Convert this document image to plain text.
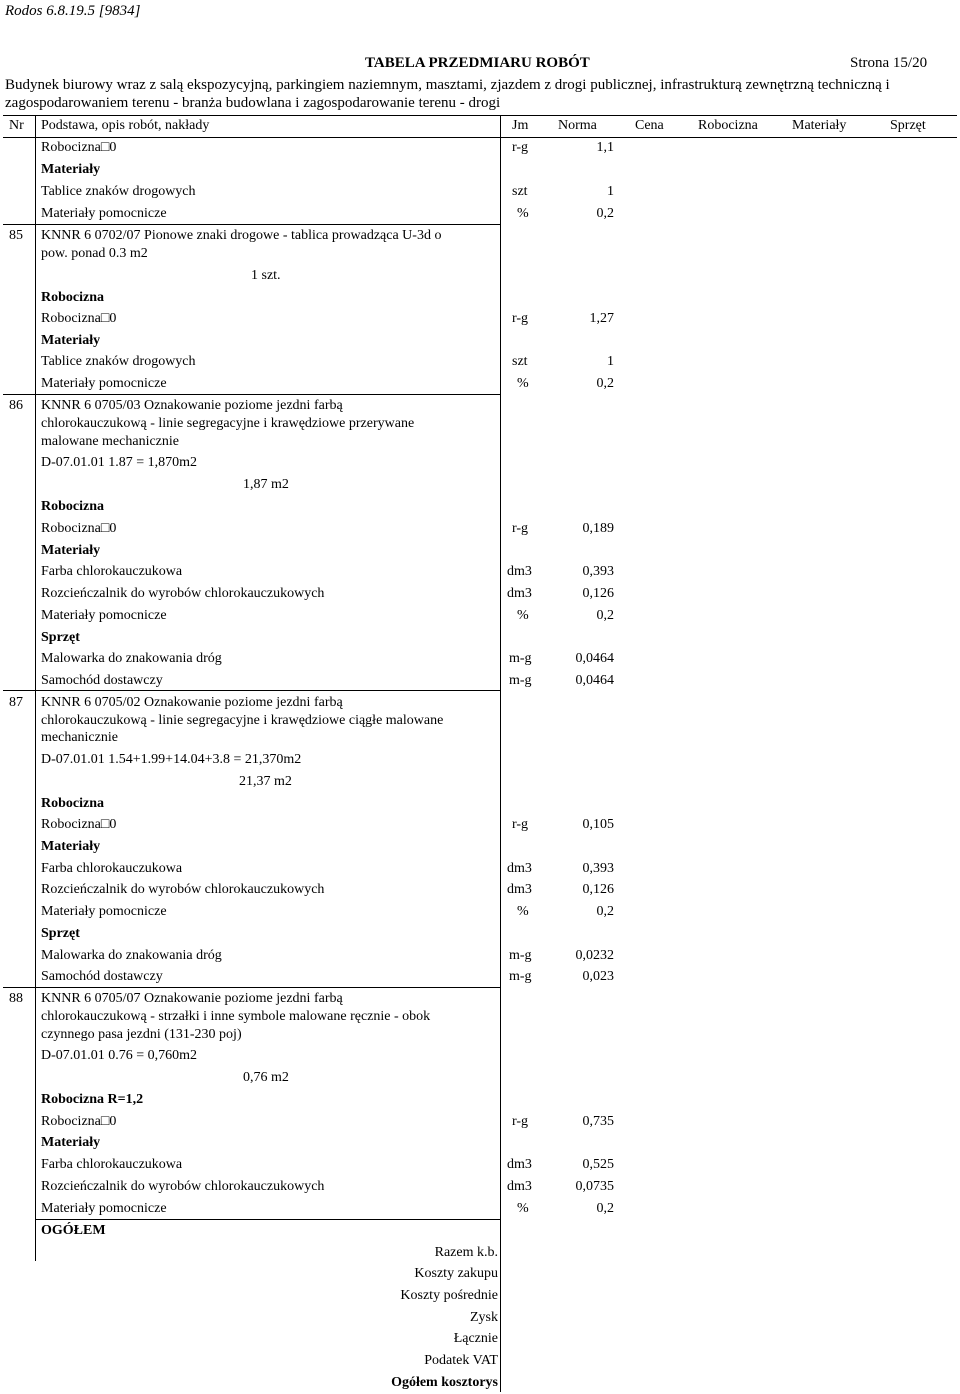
Rodos 6.8.19.5 [9834]
TABELA PRZEDMIARU ROBÓT	Strona 15/20
Budynek biurowy wraz z salą ekspozycyjną, parkingiem naziemnym, masztami, zjazdem z drogi publicznej, infrastrukturą zewnętrzną techniczną i
zagospodarowaniem terenu - branża budowlana i zagospodarowanie terenu - drogi
Nr Podstawa, opis robót, nakłady	Jm Norma	Cena Robocizna Materiały	Sprzęt
Robocizna□0	r-g	1,1
Materiały
Tablice znaków drogowych	szt	1
Materiały pomocnicze	%	0,2
85 KNNR 6 0702/07 Pionowe znaki drogowe - tablica prowadząca U-3d o
pow. ponad 0.3 m2
1 szt.
Robocizna
Robocizna□0	r-g	1,27
Materiały
Tablice znaków drogowych	szt	1
Materiały pomocnicze	%	0,2
86 KNNR 6 0705/03 Oznakowanie poziome jezdni farbą
chlorokauczukową - linie segregacyjne i krawędziowe przerywane
malowane mechanicznie
D-07.01.01 1.87 = 1,870m2
1,87 m2
Robocizna
Robocizna□0	r-g	0,189
Materiały
Farba chlorokauczukowa	dm3	0,393
Rozcieńczalnik do wyrobów chlorokauczukowych	dm3	0,126
Materiały pomocnicze	%	0,2
Sprzęt
Malowarka do znakowania dróg	m-g	0,0464
Samochód dostawczy	m-g	0,0464
87 KNNR 6 0705/02 Oznakowanie poziome jezdni farbą
chlorokauczukową - linie segregacyjne i krawędziowe ciągłe malowane
mechanicznie
D-07.01.01 1.54+1.99+14.04+3.8 = 21,370m2
21,37 m2
Robocizna
Robocizna□0	r-g	0,105
Materiały
Farba chlorokauczukowa	dm3	0,393
Rozcieńczalnik do wyrobów chlorokauczukowych	dm3	0,126
Materiały pomocnicze	%	0,2
Sprzęt
Malowarka do znakowania dróg	m-g	0,0232
Samochód dostawczy	m-g	0,023
88 KNNR 6 0705/07 Oznakowanie poziome jezdni farbą
chlorokauczukową - strzałki i inne symbole malowane ręcznie - obok
czynnego pasa jezdni (131-230 poj)
D-07.01.01 0.76 = 0,760m2
0,76 m2
Robocizna R=1,2
Robocizna□0	r-g	0,735
Materiały
Farba chlorokauczukowa	dm3	0,525
Rozcieńczalnik do wyrobów chlorokauczukowych	dm3	0,0735
Materiały pomocnicze	%	0,2
OGÓŁEM
Razem k.b.
Koszty zakupu
Koszty pośrednie
Zysk
Łącznie
Podatek VAT
Ogółem kosztorys
